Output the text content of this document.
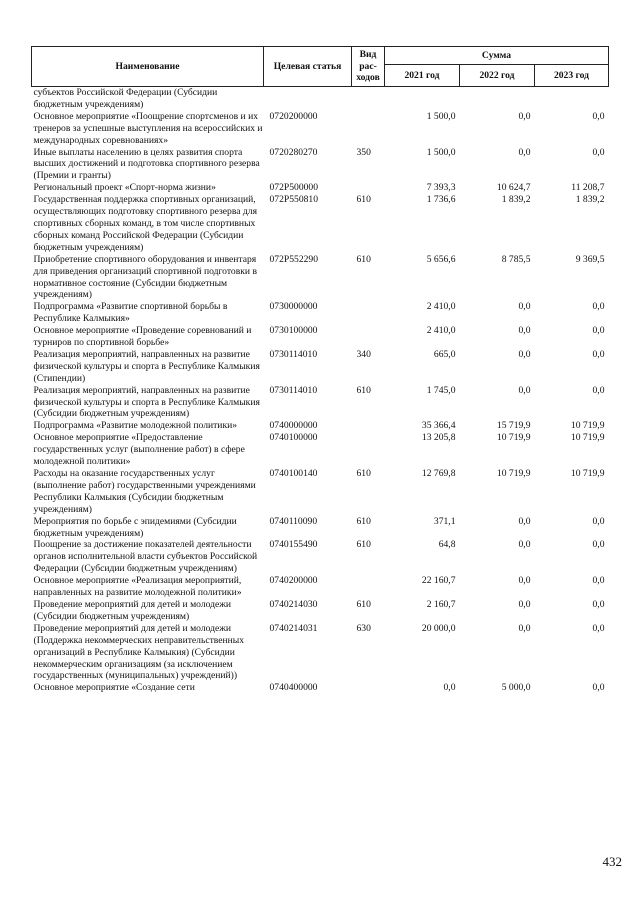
Наименование	Целевая статья	Вид рас-ходов	Сумма		
			2021 год	2022 год	2023 год
субъектов Российской Федерации (Субсидии бюджетным учреждениям)					
Основное мероприятие «Поощрение спортсменов и их тренеров за успешные выступления на всероссийских и международных соревнованиях»	0720200000		1 500,0	0,0	0,0
Иные выплаты населению в целях развития спорта высших достижений и подготовка спортивного резерва (Премии и гранты)	0720280270	350	1 500,0	0,0	0,0
Региональный проект «Спорт-норма жизни»	072P500000		7 393,3	10 624,7	11 208,7
Государственная поддержка спортивных организаций, осуществляющих подготовку спортивного резерва для спортивных сборных команд, в том числе спортивных сборных команд Российской Федерации (Субсидии бюджетным учреждениям)	072P550810	610	1 736,6	1 839,2	1 839,2
Приобретение спортивного оборудования и инвентаря для приведения организаций спортивной подготовки в нормативное состояние (Субсидии бюджетным учреждениям)	072P552290	610	5 656,6	8 785,5	9 369,5
Подпрограмма «Развитие спортивной борьбы в Республике Калмыкия»	0730000000		2 410,0	0,0	0,0
Основное мероприятие «Проведение соревнований и турниров по спортивной борьбе»	0730100000		2 410,0	0,0	0,0
Реализация мероприятий, направленных на развитие физической культуры и спорта в Республике Калмыкия (Стипендии)	0730114010	340	665,0	0,0	0,0
Реализация мероприятий, направленных на развитие физической культуры и спорта в Республике Калмыкия (Субсидии бюджетным учреждениям)	0730114010	610	1 745,0	0,0	0,0
Подпрограмма «Развитие молодежной политики»	0740000000		35 366,4	15 719,9	10 719,9
Основное мероприятие «Предоставление государственных услуг (выполнение работ) в сфере молодежной политики»	0740100000		13 205,8	10 719,9	10 719,9
Расходы на оказание государственных услуг (выполнение работ) государственными учреждениями Республики Калмыкия (Субсидии бюджетным учреждениям)	0740100140	610	12 769,8	10 719,9	10 719,9
Мероприятия по борьбе с эпидемиями (Субсидии бюджетным учреждениям)	0740110090	610	371,1	0,0	0,0
Поощрение за достижение показателей деятельности органов исполнительной власти субъектов Российской Федерации (Субсидии бюджетным учреждениям)	0740155490	610	64,8	0,0	0,0
Основное мероприятие «Реализация мероприятий, направленных на развитие молодежной политики»	0740200000		22 160,7	0,0	0,0
Проведение мероприятий для детей и молодежи (Субсидии бюджетным учреждениям)	0740214030	610	2 160,7	0,0	0,0
Проведение мероприятий для детей и молодежи (Поддержка некоммерческих неправительственных организаций в Республике Калмыкия) (Субсидии некоммерческим организациям (за исключением государственных (муниципальных) учреждений))	0740214031	630	20 000,0	0,0	0,0
Основное мероприятие «Создание сети	0740400000		0,0	5 000,0	0,0
432
